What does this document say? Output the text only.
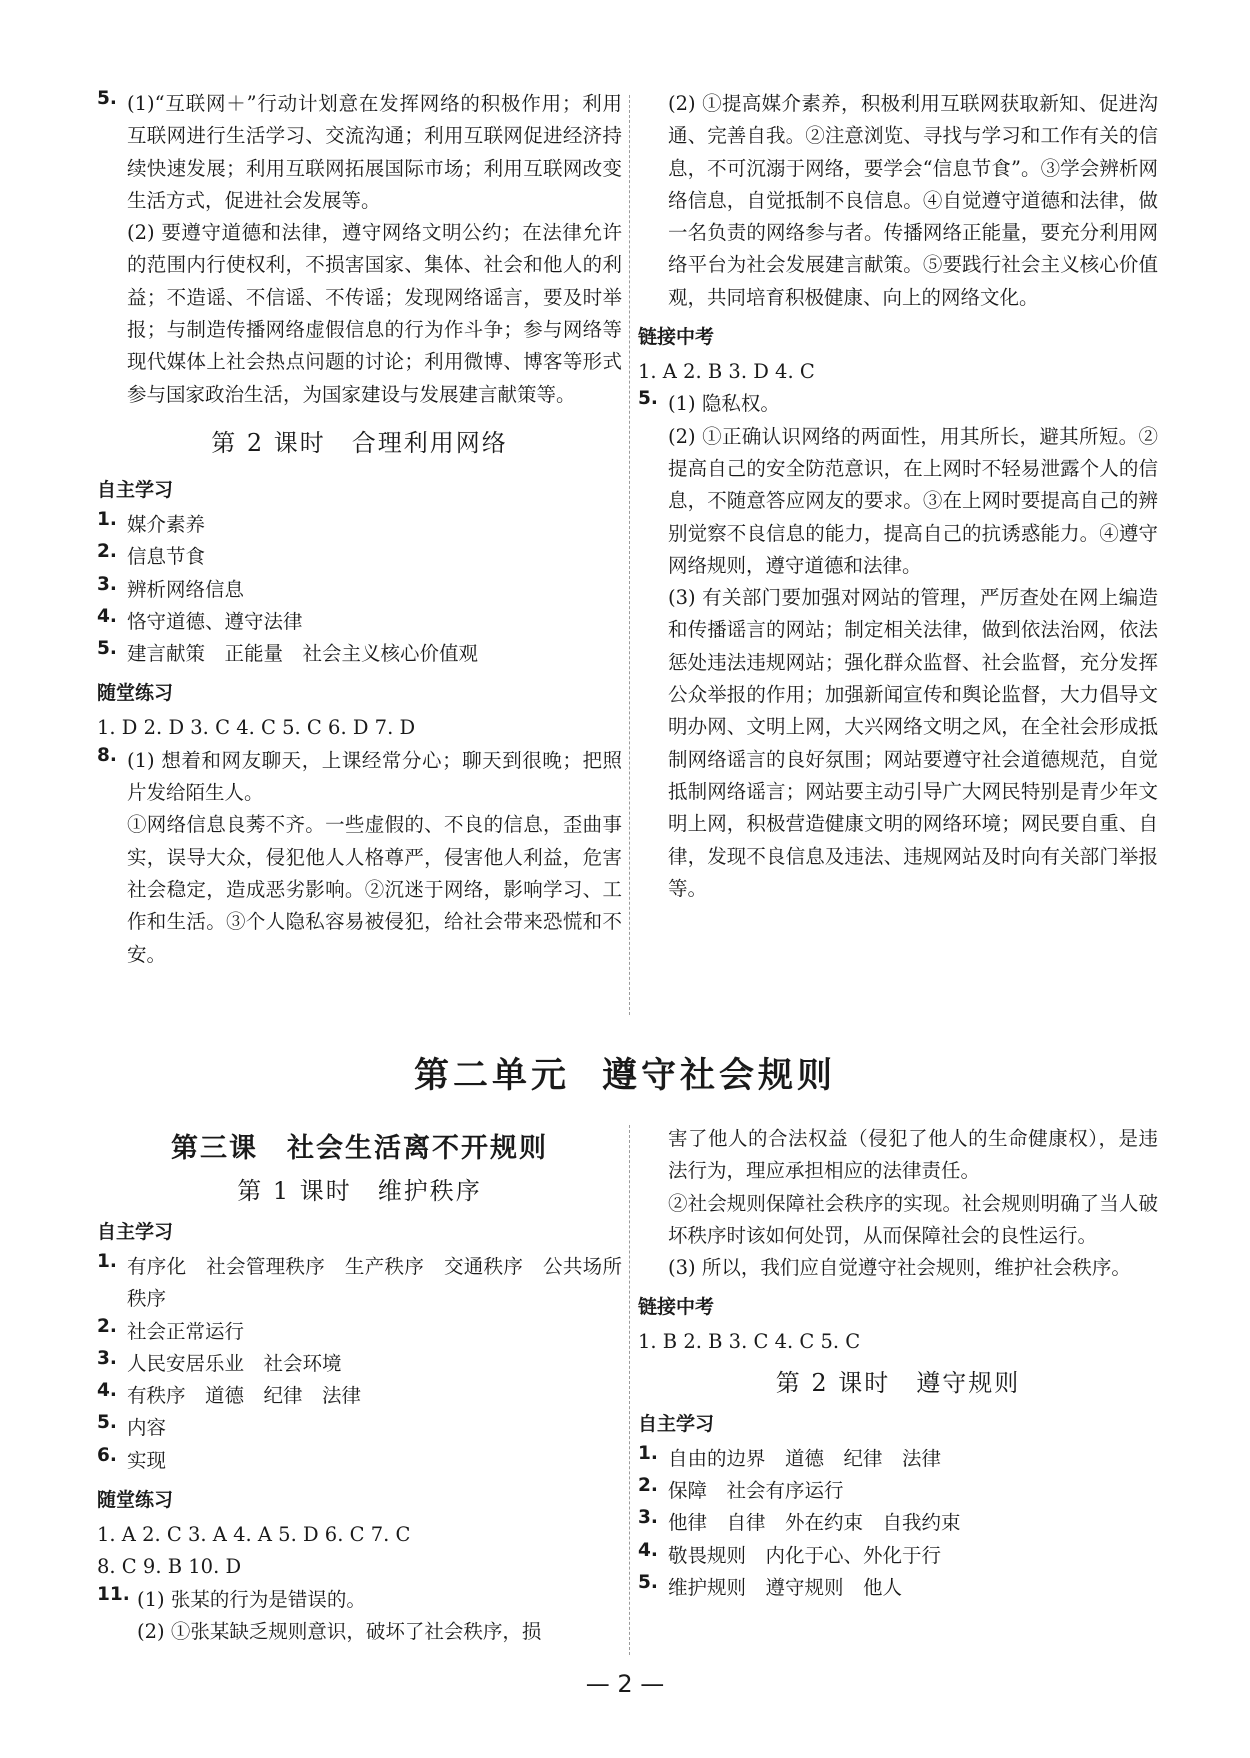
5. (1)“互联网＋”行动计划意在发挥网络的积极作用；利用互联网进行生活学习、交流沟通；利用互联网促进经济持续快速发展；利用互联网拓展国际市场；利用互联网改变生活方式，促进社会发展等。

(2) 要遵守道德和法律，遵守网络文明公约；在法律允许的范围内行使权利，不损害国家、集体、社会和他人的利益；不造谣、不信谣、不传谣；发现网络谣言，要及时举报；与制造传播网络虚假信息的行为作斗争；参与网络等现代媒体上社会热点问题的讨论；利用微博、博客等形式参与国家政治生活，为国家建设与发展建言献策等。

第 2 课时　合理利用网络
自主学习
1. 媒介素养

2. 信息节食

3. 辨析网络信息

4. 恪守道德、遵守法律

5. 建言献策　正能量　社会主义核心价值观

随堂练习

1. D 2. D 3. C 4. C 5. C 6. D 7. D

8. (1) 想着和网友聊天，上课经常分心；聊天到很晚；把照片发给陌生人。

①网络信息良莠不齐。一些虚假的、不良的信息，歪曲事实，误导大众，侵犯他人人格尊严，侵害他人利益，危害社会稳定，造成恶劣影响。②沉迷于网络，影响学习、工作和生活。③个人隐私容易被侵犯，给社会带来恐慌和不安。

(2) ①提高媒介素养，积极利用互联网获取新知、促进沟通、完善自我。②注意浏览、寻找与学习和工作有关的信息，不可沉溺于网络，要学会“信息节食”。③学会辨析网络信息，自觉抵制不良信息。④自觉遵守道德和法律，做一名负责的网络参与者。传播网络正能量，要充分利用网络平台为社会发展建言献策。⑤要践行社会主义核心价值观，共同培育积极健康、向上的网络文化。

链接中考

1. A 2. B 3. D 4. C

5. (1) 隐私权。

(2) ①正确认识网络的两面性，用其所长，避其所短。②提高自己的安全防范意识，在上网时不轻易泄露个人的信息，不随意答应网友的要求。③在上网时要提高自己的辨别觉察不良信息的能力，提高自己的抗诱惑能力。④遵守网络规则，遵守道德和法律。

(3) 有关部门要加强对网站的管理，严厉查处在网上编造和传播谣言的网站；制定相关法律，做到依法治网，依法惩处违法违规网站；强化群众监督、社会监督，充分发挥公众举报的作用；加强新闻宣传和舆论监督，大力倡导文明办网、文明上网，大兴网络文明之风，在全社会形成抵制网络谣言的良好氛围；网站要遵守社会道德规范，自觉抵制网络谣言；网站要主动引导广大网民特别是青少年文明上网，积极营造健康文明的网络环境；网民要自重、自律，发现不良信息及违法、违规网站及时向有关部门举报等。

第二单元 遵守社会规则
第三课　社会生活离不开规则
第 1 课时　维护秩序
自主学习
1. 有序化　社会管理秩序　生产秩序　交通秩序　公共场所秩序

2. 社会正常运行

3. 人民安居乐业　社会环境

4. 有秩序　道德　纪律　法律

5. 内容

6. 实现

随堂练习

1. A 2. C 3. A 4. A 5. D 6. C 7. C

8. C 9. B 10. D

11. (1) 张某的行为是错误的。

(2) ①张某缺乏规则意识，破坏了社会秩序，损

害了他人的合法权益（侵犯了他人的生命健康权），是违法行为，理应承担相应的法律责任。

②社会规则保障社会秩序的实现。社会规则明确了当人破坏秩序时该如何处罚，从而保障社会的良性运行。

(3) 所以，我们应自觉遵守社会规则，维护社会秩序。

链接中考

1. B 2. B 3. C 4. C 5. C

第 2 课时　遵守规则
自主学习
1. 自由的边界　道德　纪律　法律

2. 保障　社会有序运行

3. 他律　自律　外在约束　自我约束

4. 敬畏规则　内化于心、外化于行

5. 维护规则　遵守规则　他人

— 2 —
